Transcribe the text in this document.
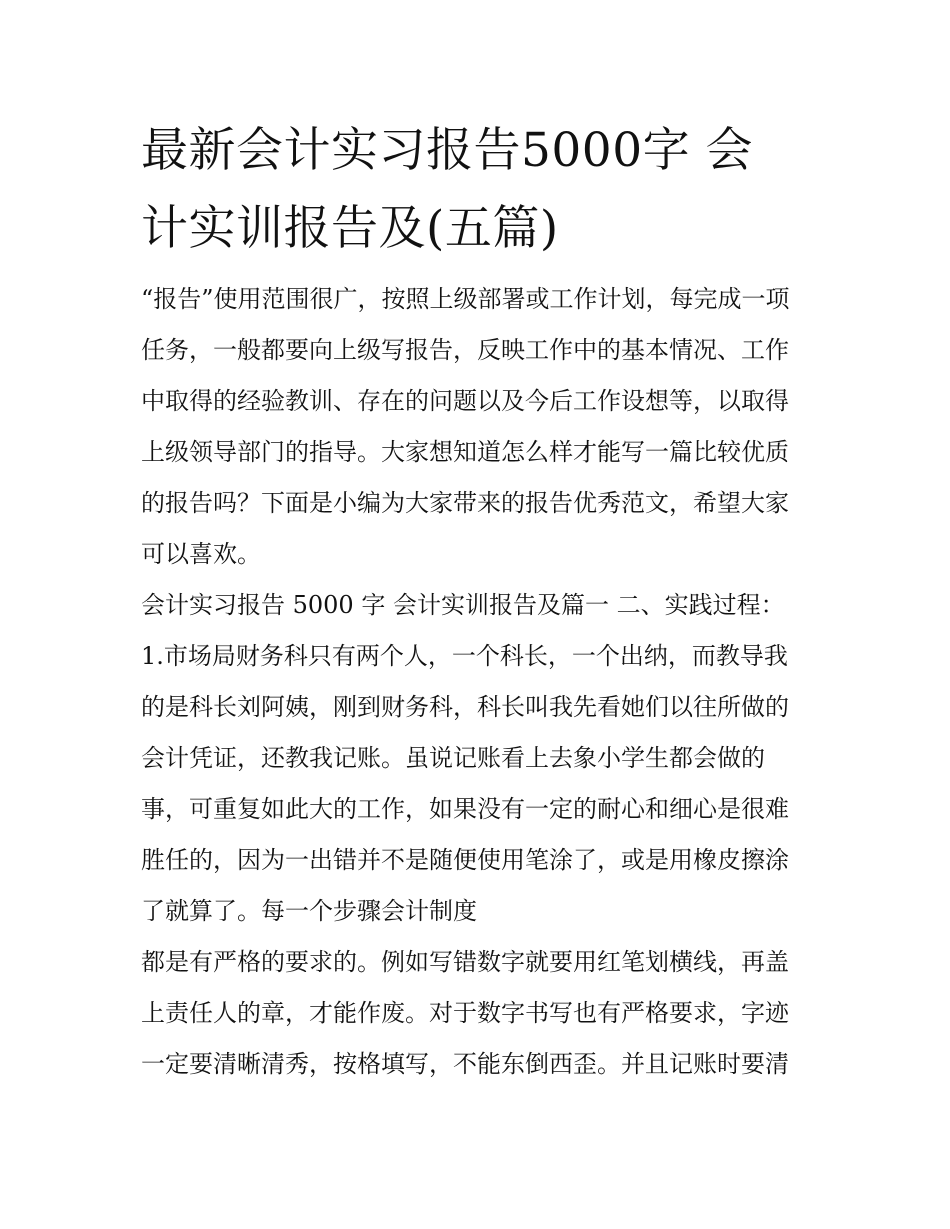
最新会计实习报告5000字 会
计实训报告及(五篇)
“报告”使用范围很广，按照上级部署或工作计划，每完成一项
任务，一般都要向上级写报告，反映工作中的基本情况、工作
中取得的经验教训、存在的问题以及今后工作设想等，以取得
上级领导部门的指导。大家想知道怎么样才能写一篇比较优质
的报告吗？下面是小编为大家带来的报告优秀范文，希望大家
可以喜欢。
会计实习报告 5000 字 会计实训报告及篇一 二、实践过程：
1.市场局财务科只有两个人，一个科长，一个出纳，而教导我
的是科长刘阿姨，刚到财务科，科长叫我先看她们以往所做的
会计凭证，还教我记账。虽说记账看上去象小学生都会做的
事，可重复如此大的工作，如果没有一定的耐心和细心是很难
胜任的，因为一出错并不是随便使用笔涂了，或是用橡皮擦涂
了就算了。每一个步骤会计制度
都是有严格的要求的。例如写错数字就要用红笔划横线，再盖
上责任人的章，才能作废。对于数字书写也有严格要求，字迹
一定要清晰清秀，按格填写，不能东倒西歪。并且记账时要清
